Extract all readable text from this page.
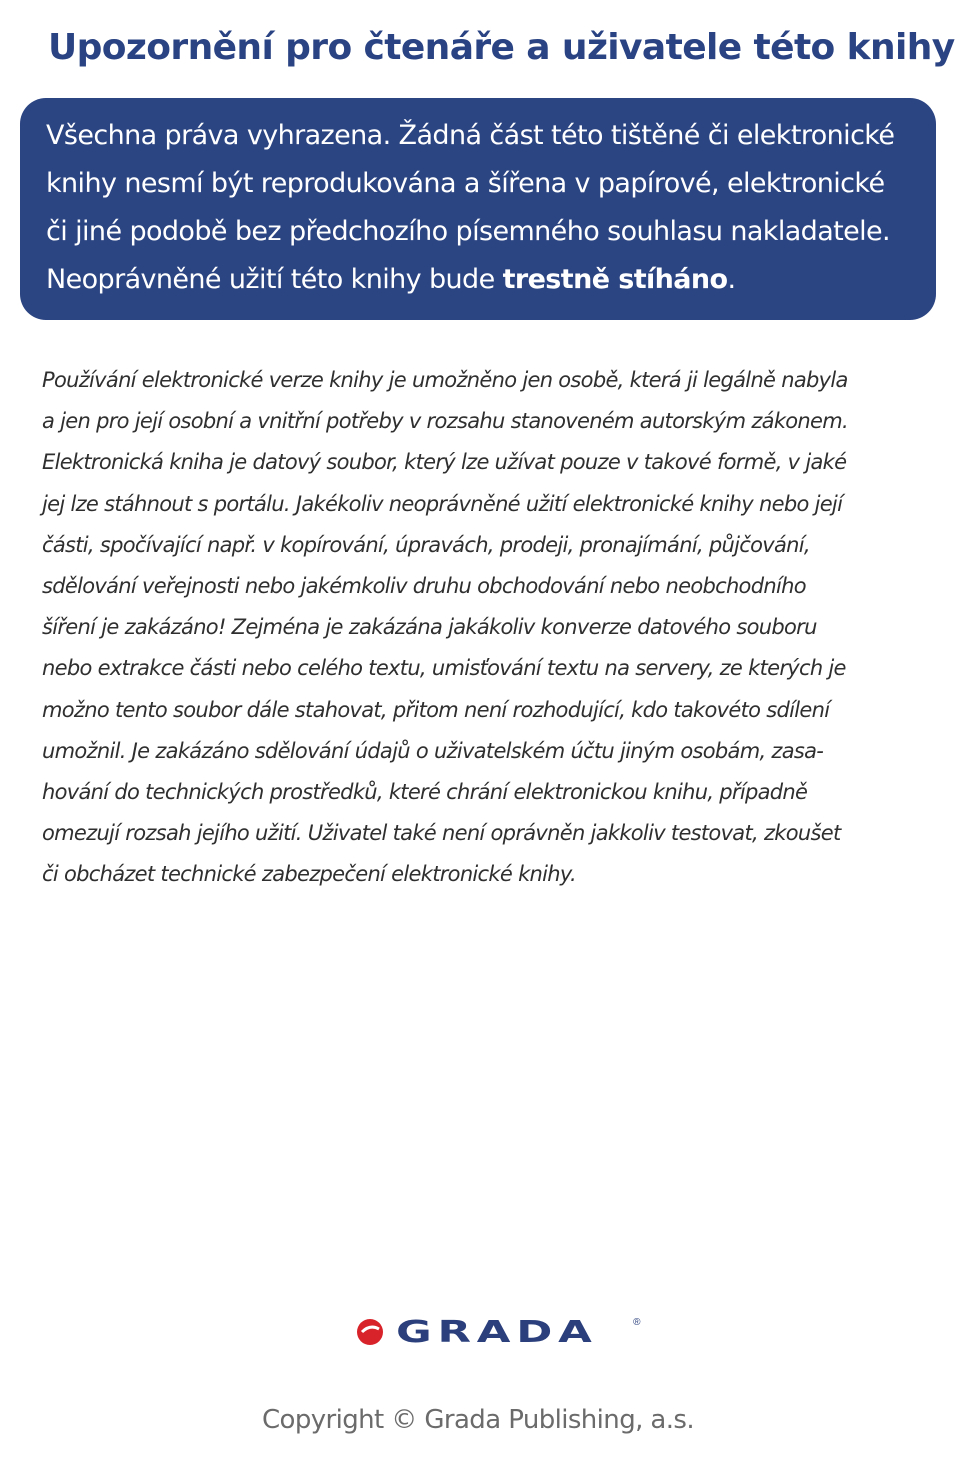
Upozornění pro čtenáře a uživatele této knihy
Všechna práva vyhrazena. Žádná část této tištěné či elektronické
knihy nesmí být reprodukována a šířena v papírové, elektronické
či jiné podobě bez předchozího písemného souhlasu nakladatele.
Neoprávněné užití této knihy bude trestně stíháno.
Používání elektronické verze knihy je umožněno jen osobě, která ji legálně nabyla
a jen pro její osobní a vnitřní potřeby v rozsahu stanoveném autorským zákonem.
Elektronická kniha je datový soubor, který lze užívat pouze v takové formě, v jaké
jej lze stáhnout s portálu. Jakékoliv neoprávněné užití elektronické knihy nebo její
části, spočívající např. v kopírování, úpravách, prodeji, pronajímání, půjčování,
sdělování veřejnosti nebo jakémkoliv druhu obchodování nebo neobchodního
šíření je zakázáno! Zejména je zakázána jakákoliv konverze datového souboru
nebo extrakce části nebo celého textu, umisťování textu na servery, ze kterých je
možno tento soubor dále stahovat, přitom není rozhodující, kdo takovéto sdílení
umožnil. Je zakázáno sdělování údajů o uživatelském účtu jiným osobám, zasa-
hování do technických prostředků, které chrání elektronickou knihu, případně
omezují rozsah jejího užití. Uživatel také není oprávněn jakkoliv testovat, zkoušet
či obcházet technické zabezpečení elektronické knihy.
GRADA	®
Copyright © Grada Publishing, a.s.
